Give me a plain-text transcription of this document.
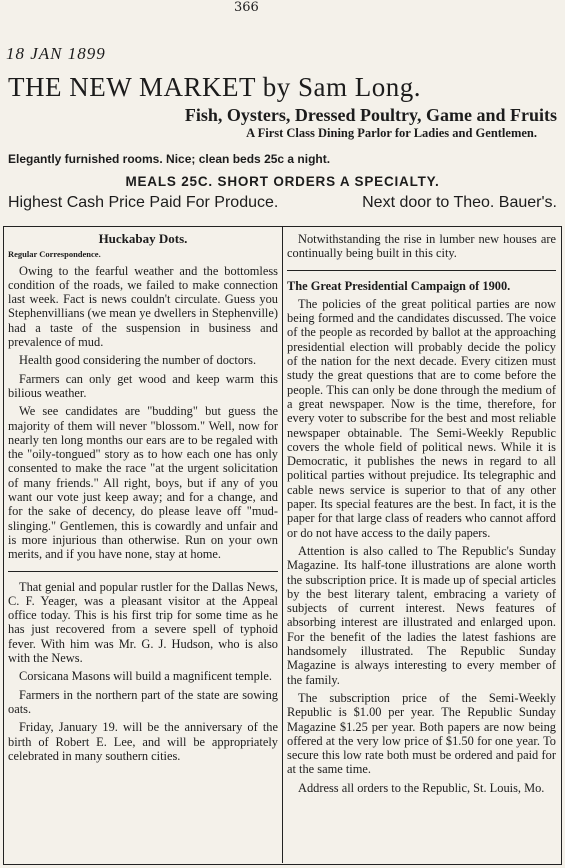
366
18 JAN 1899
THE NEW MARKET by Sam Long.
Fish, Oysters, Dressed Poultry, Game and Fruits
A First Class Dining Parlor for Ladies and Gentlemen.
Elegantly furnished rooms. Nice; clean beds 25c a night.
MEALS 25C. SHORT ORDERS A SPECIALTY.
Highest Cash Price Paid For Produce.	Next door to Theo. Bauer's.
Huckabay Dots.
Regular Correspondence.

Owing to the fearful weather and the bottomless condition of the roads, we failed to make connection last week. Fact is news couldn't circulate. Guess you Stephenvillians (we mean ye dwellers in Stephenville) had a taste of the suspension in business and prevalence of mud.

Health good considering the number of doctors.

Farmers can only get wood and keep warm this bilious weather.

We see candidates are "budding" but guess the majority of them will never "blossom." Well, now for nearly ten long months our ears are to be regaled with the "oily-tongued" story as to how each one has only consented to make the race "at the urgent solicitation of many friends." All right, boys, but if any of you want our vote just keep away; and for a change, and for the sake of decency, do please leave off "mud-slinging." Gentlemen, this is cowardly and unfair and is more injurious than otherwise. Run on your own merits, and if you have none, stay at home.

That genial and popular rustler for the Dallas News, C. F. Yeager, was a pleasant visitor at the Appeal office today. This is his first trip for some time as he has just recovered from a severe spell of typhoid fever. With him was Mr. G. J. Hudson, who is also with the News.

Corsicana Masons will build a magnificent temple.

Farmers in the northern part of the state are sowing oats.

Friday, January 19. will be the anniversary of the birth of Robert E. Lee, and will be appropriately celebrated in many southern cities.

Notwithstanding the rise in lumber new houses are continually being built in this city.

The Great Presidential Campaign of 1900.

The policies of the great political parties are now being formed and the candidates discussed. The voice of the people as recorded by ballot at the approaching presidential election will probably decide the policy of the nation for the next decade. Every citizen must study the great questions that are to come before the people. This can only be done through the medium of a great newspaper. Now is the time, therefore, for every voter to subscribe for the best and most reliable newspaper obtainable. The Semi-Weekly Republic covers the whole field of political news. While it is Democratic, it publishes the news in regard to all political parties without prejudice. Its telegraphic and cable news service is superior to that of any other paper. Its special features are the best. In fact, it is the paper for that large class of readers who cannot afford or do not have access to the daily papers.

Attention is also called to The Republic's Sunday Magazine. Its half-tone illustrations are alone worth the subscription price. It is made up of special articles by the best literary talent, embracing a variety of subjects of current interest. News features of absorbing interest are illustrated and enlarged upon. For the benefit of the ladies the latest fashions are handsomely illustrated. The Republic Sunday Magazine is always interesting to every member of the family.

The subscription price of the Semi-Weekly Republic is $1.00 per year. The Republic Sunday Magazine $1.25 per year. Both papers are now being offered at the very low price of $1.50 for one year. To secure this low rate both must be ordered and paid for at the same time.

Address all orders to the Republic, St. Louis, Mo.
